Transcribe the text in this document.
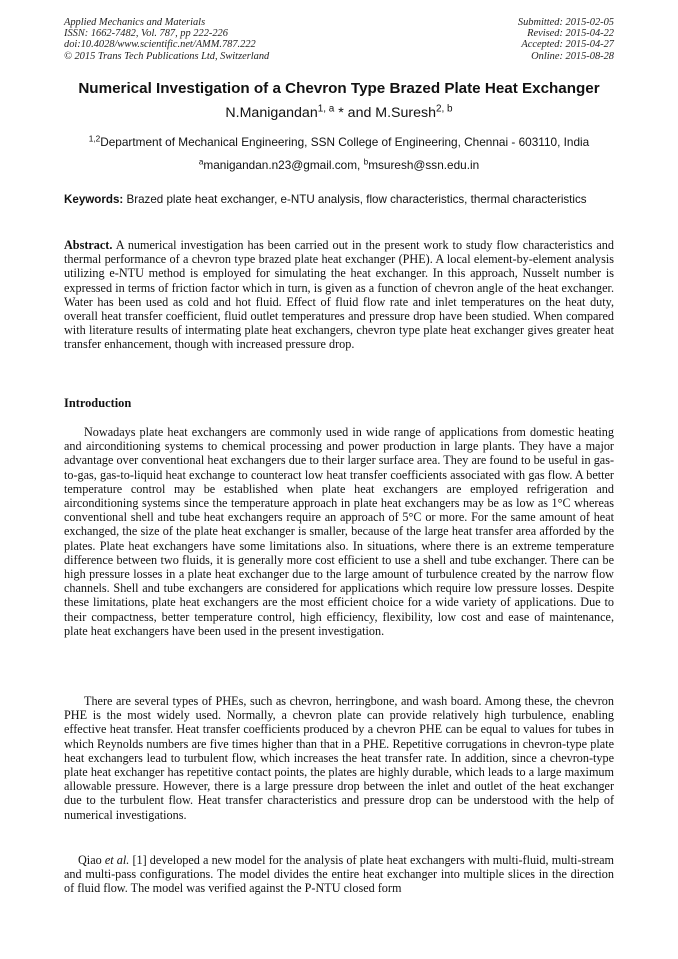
Applied Mechanics and Materials
ISSN: 1662-7482, Vol. 787, pp 222-226
doi:10.4028/www.scientific.net/AMM.787.222
© 2015 Trans Tech Publications Ltd, Switzerland
Submitted: 2015-02-05
Revised: 2015-04-22
Accepted: 2015-04-27
Online: 2015-08-28
Numerical Investigation of a Chevron Type Brazed Plate Heat Exchanger
N.Manigandan$^{1, a}$ * and M.Suresh$^{2, b}$
$^{1,2}$Department of Mechanical Engineering, SSN College of Engineering, Chennai - 603110, India
$^a$manigandan.n23@gmail.com, $^b$msuresh@ssn.edu.in
Keywords: Brazed plate heat exchanger, e-NTU analysis, flow characteristics, thermal characteristics
Abstract. A numerical investigation has been carried out in the present work to study flow characteristics and thermal performance of a chevron type brazed plate heat exchanger (PHE). A local element-by-element analysis utilizing e-NTU method is employed for simulating the heat exchanger. In this approach, Nusselt number is expressed in terms of friction factor which in turn, is given as a function of chevron angle of the heat exchanger. Water has been used as cold and hot fluid. Effect of fluid flow rate and inlet temperatures on the heat duty, overall heat transfer coefficient, fluid outlet temperatures and pressure drop have been studied. When compared with literature results of intermating plate heat exchangers, chevron type plate heat exchanger gives greater heat transfer enhancement, though with increased pressure drop.
Introduction
Nowadays plate heat exchangers are commonly used in wide range of applications from domestic heating and airconditioning systems to chemical processing and power production in large plants. They have a major advantage over conventional heat exchangers due to their larger surface area. They are found to be useful in gas-to-gas, gas-to-liquid heat exchange to counteract low heat transfer coefficients associated with gas flow. A better temperature control may be established when plate heat exchangers are employed refrigeration and airconditioning systems since the temperature approach in plate heat exchangers may be as low as 1°C whereas conventional shell and tube heat exchangers require an approach of 5°C or more. For the same amount of heat exchanged, the size of the plate heat exchanger is smaller, because of the large heat transfer area afforded by the plates. Plate heat exchangers have some limitations also. In situations, where there is an extreme temperature difference between two fluids, it is generally more cost efficient to use a shell and tube exchanger. There can be high pressure losses in a plate heat exchanger due to the large amount of turbulence created by the narrow flow channels. Shell and tube exchangers are considered for applications which require low pressure losses. Despite these limitations, plate heat exchangers are the most efficient choice for a wide variety of applications. Due to their compactness, better temperature control, high efficiency, flexibility, low cost and ease of maintenance, plate heat exchangers have been used in the present investigation.
There are several types of PHEs, such as chevron, herringbone, and wash board. Among these, the chevron PHE is the most widely used. Normally, a chevron plate can provide relatively high turbulence, enabling effective heat transfer. Heat transfer coefficients produced by a chevron PHE can be equal to values for tubes in which Reynolds numbers are five times higher than that in a PHE. Repetitive corrugations in chevron-type plate heat exchangers lead to turbulent flow, which increases the heat transfer rate. In addition, since a chevron-type plate heat exchanger has repetitive contact points, the plates are highly durable, which leads to a large maximum allowable pressure. However, there is a large pressure drop between the inlet and outlet of the heat exchanger due to the turbulent flow. Heat transfer characteristics and pressure drop can be understood with the help of numerical investigations.
Qiao et al. [1] developed a new model for the analysis of plate heat exchangers with multi-fluid, multi-stream and multi-pass configurations. The model divides the entire heat exchanger into multiple slices in the direction of fluid flow. The model was verified against the P-NTU closed form
